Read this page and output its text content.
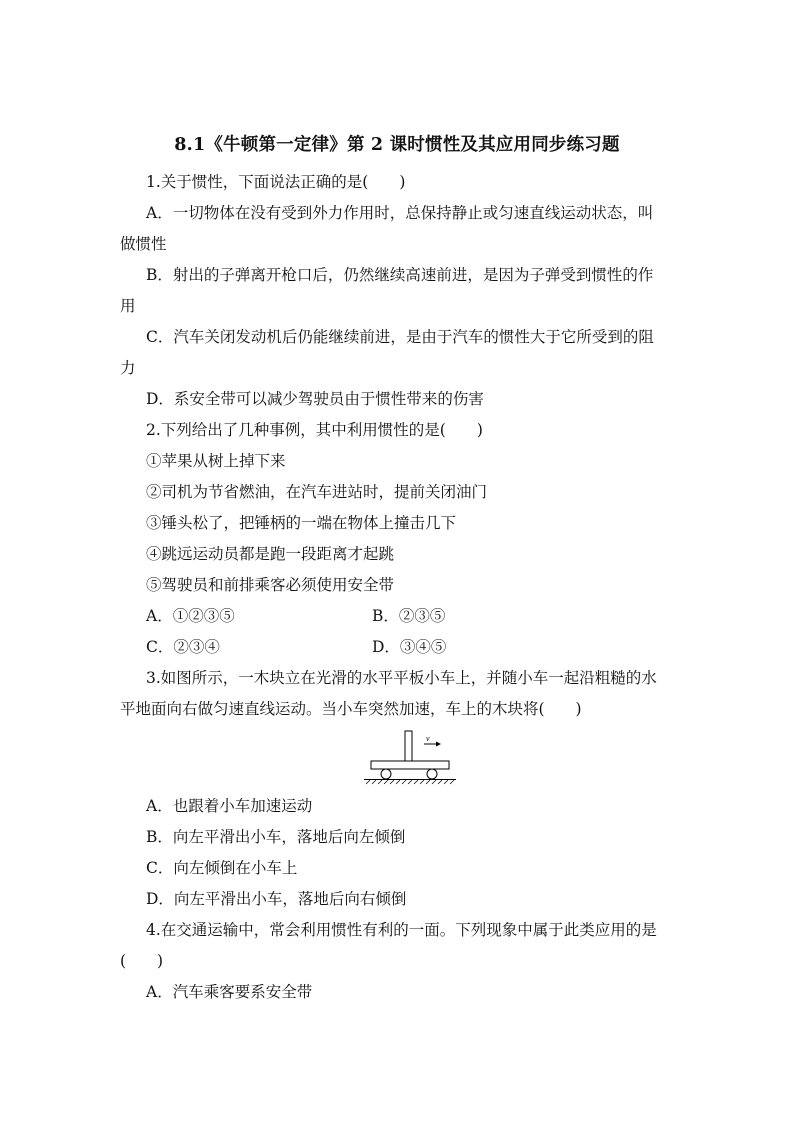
8.1《牛顿第一定律》第 2 课时惯性及其应用同步练习题
1.关于惯性，下面说法正确的是(　　)
A．一切物体在没有受到外力作用时，总保持静止或匀速直线运动状态，叫
做惯性
B．射出的子弹离开枪口后，仍然继续高速前进，是因为子弹受到惯性的作
用
C．汽车关闭发动机后仍能继续前进，是由于汽车的惯性大于它所受到的阻
力
D．系安全带可以减少驾驶员由于惯性带来的伤害
2.下列给出了几种事例，其中利用惯性的是(　　)
①苹果从树上掉下来
②司机为节省燃油，在汽车进站时，提前关闭油门
③锤头松了，把锤柄的一端在物体上撞击几下
④跳远运动员都是跑一段距离才起跳
⑤驾驶员和前排乘客必须使用安全带
A．①②③⑤	B．②③⑤
C．②③④	D．③④⑤
3.如图所示，一木块立在光滑的水平平板小车上，并随小车一起沿粗糙的水
平地面向右做匀速直线运动。当小车突然加速，车上的木块将(　　)
v
A．也跟着小车加速运动
B．向左平滑出小车，落地后向左倾倒
C．向左倾倒在小车上
D．向左平滑出小车，落地后向右倾倒
4.在交通运输中，常会利用惯性有利的一面。下列现象中属于此类应用的是
(　　)
A．汽车乘客要系安全带
